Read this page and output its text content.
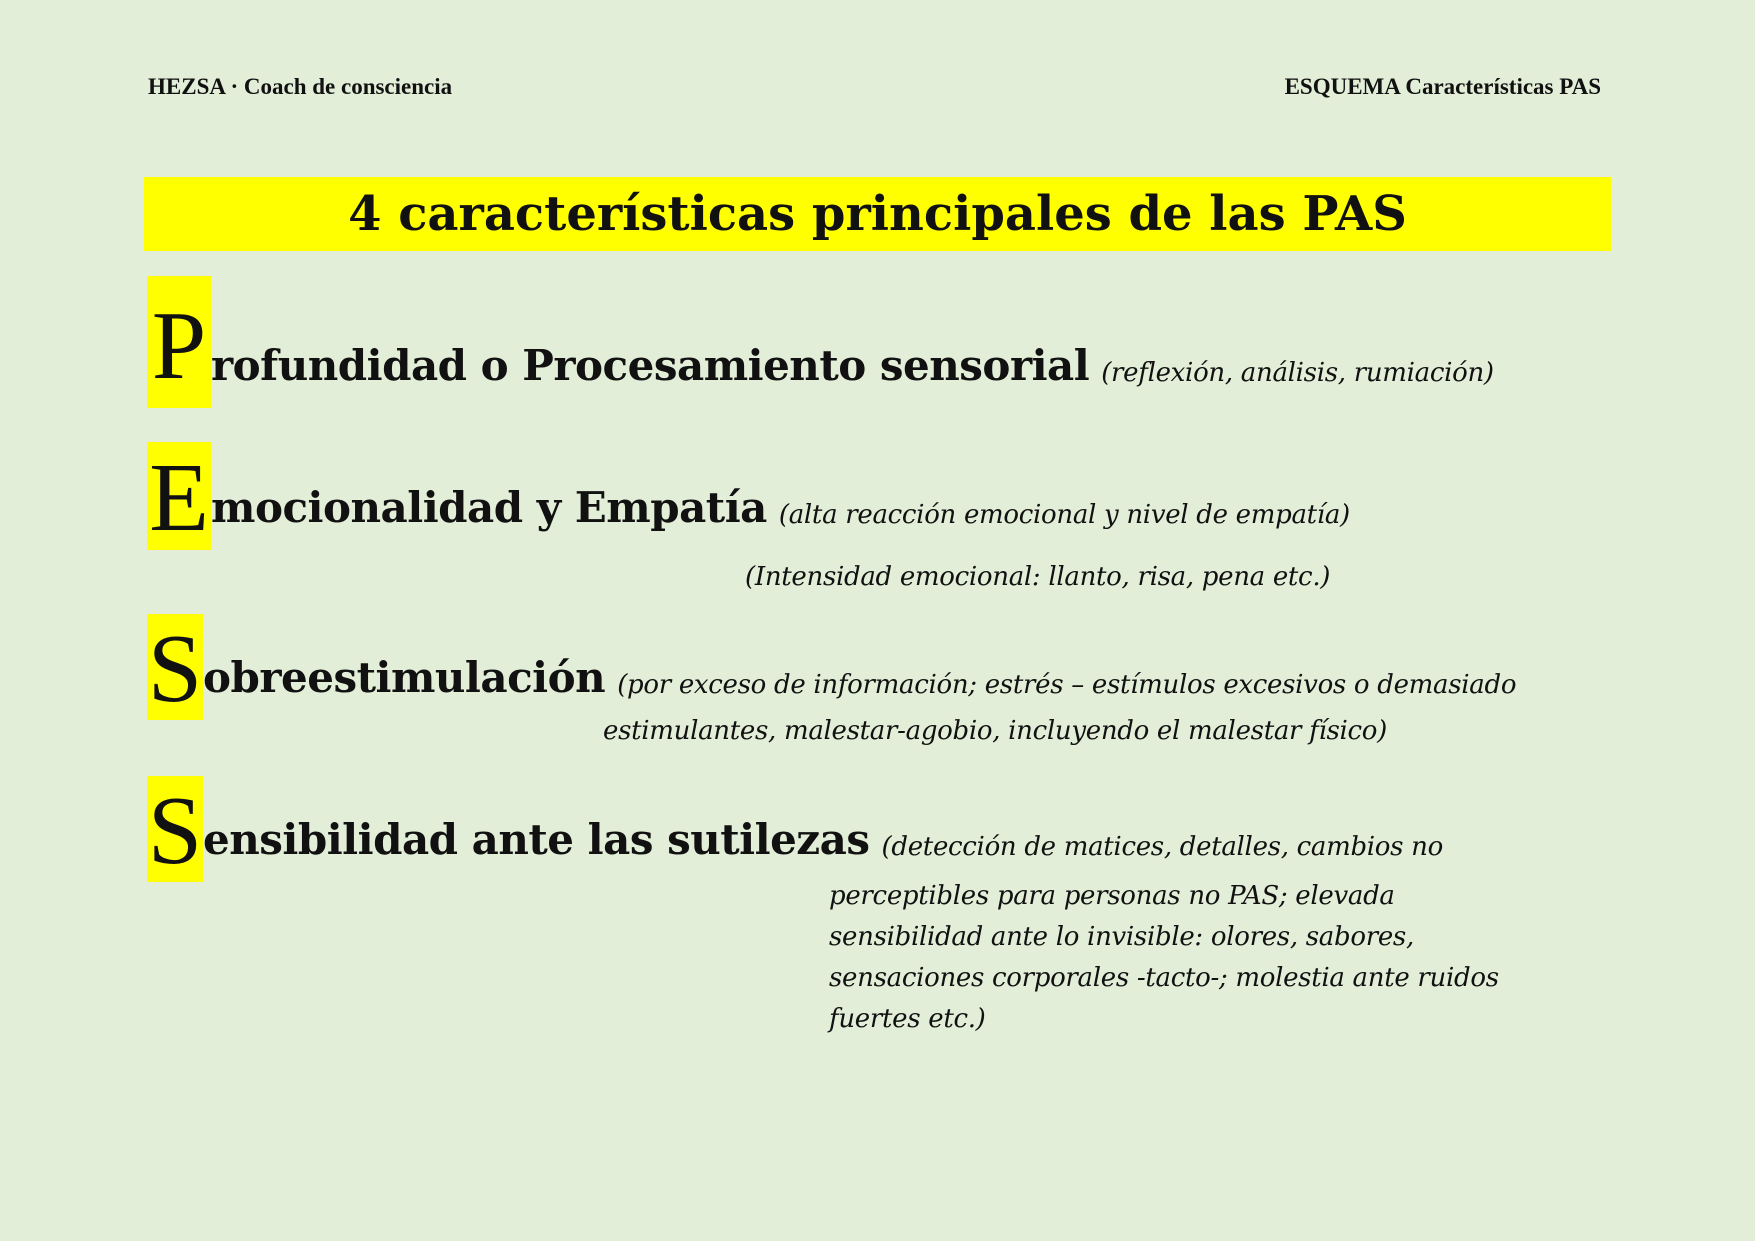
HEZSA · Coach de consciencia	ESQUEMA Características PAS
4 características principales de las PAS
P rofundidad o Procesamiento sensorial (reflexión, análisis, rumiación)
E mocionalidad y Empatía (alta reacción emocional y nivel de empatía)
(Intensidad emocional: llanto, risa, pena etc.)
S obreestimulación (por exceso de información; estrés – estímulos excesivos o demasiado
estimulantes, malestar-agobio, incluyendo el malestar físico)
S ensibilidad ante las sutilezas (detección de matices, detalles, cambios no
perceptibles para personas no PAS; elevada sensibilidad ante lo invisible: olores, sabores, sensaciones corporales -tacto-; molestia ante ruidos fuertes etc.)
